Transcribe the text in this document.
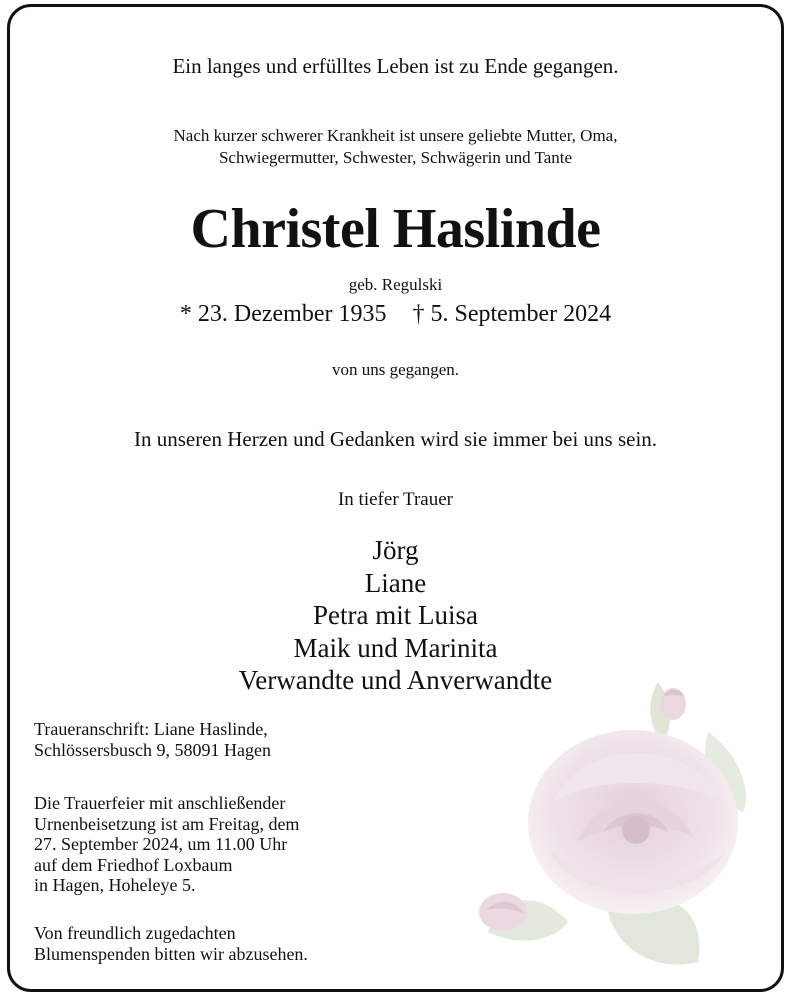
Ein langes und erfülltes Leben ist zu Ende gegangen.
Nach kurzer schwerer Krankheit ist unsere geliebte Mutter, Oma,
Schwiegermutter, Schwester, Schwägerin und Tante
Christel Haslinde
geb. Regulski
* 23. Dezember 1935 † 5. September 2024
von uns gegangen.
In unseren Herzen und Gedanken wird sie immer bei uns sein.
In tiefer Trauer
Jörg
Liane
Petra mit Luisa
Maik und Marinita
Verwandte und Anverwandte
Traueranschrift: Liane Haslinde,
Schlössersbusch 9, 58091 Hagen
Die Trauerfeier mit anschließender
Urnenbeisetzung ist am Freitag, dem
27. September 2024, um 11.00 Uhr
auf dem Friedhof Loxbaum
in Hagen, Hoheleye 5.
Von freundlich zugedachten
Blumenspenden bitten wir abzusehen.
